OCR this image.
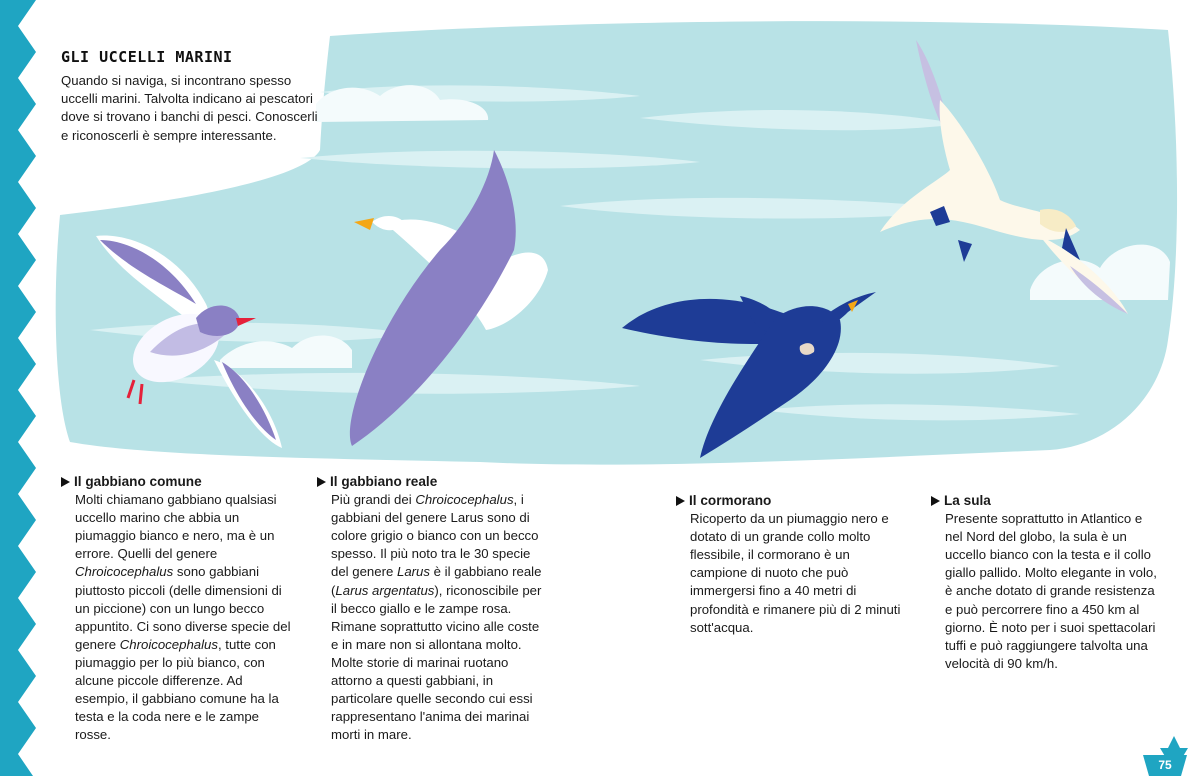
GLI UCCELLI MARINI

Quando si naviga, si incontrano spesso uccelli marini. Talvolta indicano ai pescatori dove si trovano i banchi di pesci. Conoscerli e riconoscerli è sempre interessante.

Il gabbiano comune

Molti chiamano gabbiano qualsiasi uccello marino che abbia un piumaggio bianco e nero, ma è un errore. Quelli del genere Chroicocephalus sono gabbiani piuttosto piccoli (delle dimensioni di un piccione) con un lungo becco appuntito. Ci sono diverse specie del genere Chroicocephalus, tutte con piumaggio per lo più bianco, con alcune piccole differenze. Ad esempio, il gabbiano comune ha la testa e la coda nere e le zampe rosse.

Il gabbiano reale

Più grandi dei Chroicocephalus, i gabbiani del genere Larus sono di colore grigio o bianco con un becco spesso. Il più noto tra le 30 specie del genere Larus è il gabbiano reale (Larus argentatus), riconoscibile per il becco giallo e le zampe rosa. Rimane soprattutto vicino alle coste e in mare non si allontana molto. Molte storie di marinai ruotano attorno a questi gabbiani, in particolare quelle secondo cui essi rappresentano l'anima dei marinai morti in mare.

Il cormorano

Ricoperto da un piumaggio nero e dotato di un grande collo molto flessibile, il cormorano è un campione di nuoto che può immergersi fino a 40 metri di profondità e rimanere più di 2 minuti sott'acqua.

La sula

Presente soprattutto in Atlantico e nel Nord del globo, la sula è un uccello bianco con la testa e il collo giallo pallido. Molto elegante in volo, è anche dotato di grande resistenza e può percorrere fino a 450 km al giorno. È noto per i suoi spettacolari tuffi e può raggiungere talvolta una velocità di 90 km/h.

75
